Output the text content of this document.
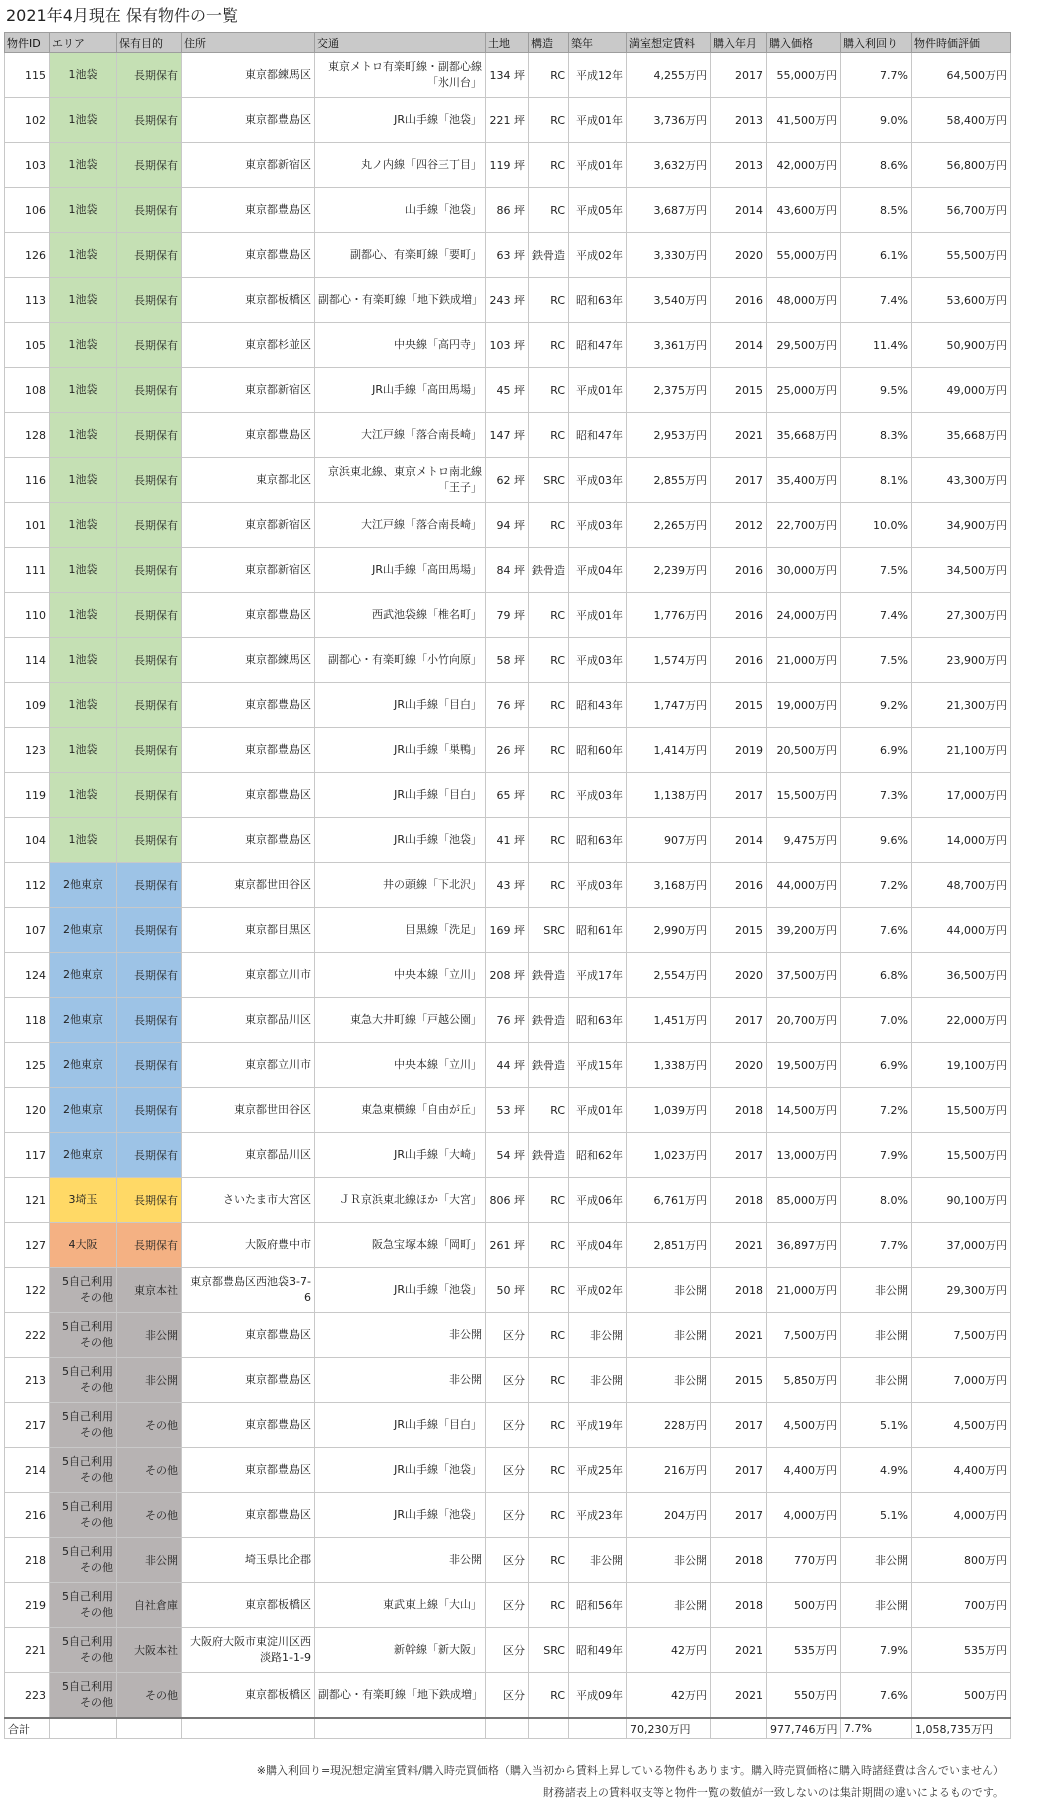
2021年4月現在 保有物件の一覧
物件ID	エリア	保有目的	住所	交通	土地	構造	築年	満室想定賃料	購入年月	購入価格	購入利回り	物件時価評価
115	1池袋	長期保有	東京都練馬区	東京メトロ有楽町線・副都心線「氷川台」	134 坪	RC	平成12年	4,255万円	2017	55,000万円	7.7%	64,500万円
102	1池袋	長期保有	東京都豊島区	JR山手線「池袋」	221 坪	RC	平成01年	3,736万円	2013	41,500万円	9.0%	58,400万円
103	1池袋	長期保有	東京都新宿区	丸ノ内線「四谷三丁目」	119 坪	RC	平成01年	3,632万円	2013	42,000万円	8.6%	56,800万円
106	1池袋	長期保有	東京都豊島区	山手線「池袋」	86 坪	RC	平成05年	3,687万円	2014	43,600万円	8.5%	56,700万円
126	1池袋	長期保有	東京都豊島区	副都心、有楽町線「要町」	63 坪	鉄骨造	平成02年	3,330万円	2020	55,000万円	6.1%	55,500万円
113	1池袋	長期保有	東京都板橋区	副都心・有楽町線「地下鉄成増」	243 坪	RC	昭和63年	3,540万円	2016	48,000万円	7.4%	53,600万円
105	1池袋	長期保有	東京都杉並区	中央線「高円寺」	103 坪	RC	昭和47年	3,361万円	2014	29,500万円	11.4%	50,900万円
108	1池袋	長期保有	東京都新宿区	JR山手線「高田馬場」	45 坪	RC	平成01年	2,375万円	2015	25,000万円	9.5%	49,000万円
128	1池袋	長期保有	東京都豊島区	大江戸線「落合南長崎」	147 坪	RC	昭和47年	2,953万円	2021	35,668万円	8.3%	35,668万円
116	1池袋	長期保有	東京都北区	京浜東北線、東京メトロ南北線「王子」	62 坪	SRC	平成03年	2,855万円	2017	35,400万円	8.1%	43,300万円
101	1池袋	長期保有	東京都新宿区	大江戸線「落合南長崎」	94 坪	RC	平成03年	2,265万円	2012	22,700万円	10.0%	34,900万円
111	1池袋	長期保有	東京都新宿区	JR山手線「高田馬場」	84 坪	鉄骨造	平成04年	2,239万円	2016	30,000万円	7.5%	34,500万円
110	1池袋	長期保有	東京都豊島区	西武池袋線「椎名町」	79 坪	RC	平成01年	1,776万円	2016	24,000万円	7.4%	27,300万円
114	1池袋	長期保有	東京都練馬区	副都心・有楽町線「小竹向原」	58 坪	RC	平成03年	1,574万円	2016	21,000万円	7.5%	23,900万円
109	1池袋	長期保有	東京都豊島区	JR山手線「目白」	76 坪	RC	昭和43年	1,747万円	2015	19,000万円	9.2%	21,300万円
123	1池袋	長期保有	東京都豊島区	JR山手線「巣鴨」	26 坪	RC	昭和60年	1,414万円	2019	20,500万円	6.9%	21,100万円
119	1池袋	長期保有	東京都豊島区	JR山手線「目白」	65 坪	RC	平成03年	1,138万円	2017	15,500万円	7.3%	17,000万円
104	1池袋	長期保有	東京都豊島区	JR山手線「池袋」	41 坪	RC	昭和63年	907万円	2014	9,475万円	9.6%	14,000万円
112	2他東京	長期保有	東京都世田谷区	井の頭線「下北沢」	43 坪	RC	平成03年	3,168万円	2016	44,000万円	7.2%	48,700万円
107	2他東京	長期保有	東京都目黒区	目黒線「洗足」	169 坪	SRC	昭和61年	2,990万円	2015	39,200万円	7.6%	44,000万円
124	2他東京	長期保有	東京都立川市	中央本線「立川」	208 坪	鉄骨造	平成17年	2,554万円	2020	37,500万円	6.8%	36,500万円
118	2他東京	長期保有	東京都品川区	東急大井町線「戸越公園」	76 坪	鉄骨造	昭和63年	1,451万円	2017	20,700万円	7.0%	22,000万円
125	2他東京	長期保有	東京都立川市	中央本線「立川」	44 坪	鉄骨造	平成15年	1,338万円	2020	19,500万円	6.9%	19,100万円
120	2他東京	長期保有	東京都世田谷区	東急東横線「自由が丘」	53 坪	RC	平成01年	1,039万円	2018	14,500万円	7.2%	15,500万円
117	2他東京	長期保有	東京都品川区	JR山手線「大崎」	54 坪	鉄骨造	昭和62年	1,023万円	2017	13,000万円	7.9%	15,500万円
121	3埼玉	長期保有	さいたま市大宮区	ＪＲ京浜東北線ほか「大宮」	806 坪	RC	平成06年	6,761万円	2018	85,000万円	8.0%	90,100万円
127	4大阪	長期保有	大阪府豊中市	阪急宝塚本線「岡町」	261 坪	RC	平成04年	2,851万円	2021	36,897万円	7.7%	37,000万円
122	5自己利用その他	東京本社	東京都豊島区西池袋3-7-6	JR山手線「池袋」	50 坪	RC	平成02年	非公開	2018	21,000万円	非公開	29,300万円
222	5自己利用その他	非公開	東京都豊島区	非公開	区分	RC	非公開	非公開	2021	7,500万円	非公開	7,500万円
213	5自己利用その他	非公開	東京都豊島区	非公開	区分	RC	非公開	非公開	2015	5,850万円	非公開	7,000万円
217	5自己利用その他	その他	東京都豊島区	JR山手線「目白」	区分	RC	平成19年	228万円	2017	4,500万円	5.1%	4,500万円
214	5自己利用その他	その他	東京都豊島区	JR山手線「池袋」	区分	RC	平成25年	216万円	2017	4,400万円	4.9%	4,400万円
216	5自己利用その他	その他	東京都豊島区	JR山手線「池袋」	区分	RC	平成23年	204万円	2017	4,000万円	5.1%	4,000万円
218	5自己利用その他	非公開	埼玉県比企郡	非公開	区分	RC	非公開	非公開	2018	770万円	非公開	800万円
219	5自己利用その他	自社倉庫	東京都板橋区	東武東上線「大山」	区分	RC	昭和56年	非公開	2018	500万円	非公開	700万円
221	5自己利用その他	大阪本社	大阪府大阪市東淀川区西淡路1-1-9	新幹線「新大阪」	区分	SRC	昭和49年	42万円	2021	535万円	7.9%	535万円
223	5自己利用その他	その他	東京都板橋区	副都心・有楽町線「地下鉄成増」	区分	RC	平成09年	42万円	2021	550万円	7.6%	500万円
合計								70,230万円		977,746万円	7.7%	1,058,735万円
※購入利回り=現況想定満室賃料/購入時売買価格（購入当初から賃料上昇している物件もあります。購入時売買価格に購入時諸経費は含んでいません）
財務諸表上の賃料収支等と物件一覧の数値が一致しないのは集計期間の違いによるものです。
